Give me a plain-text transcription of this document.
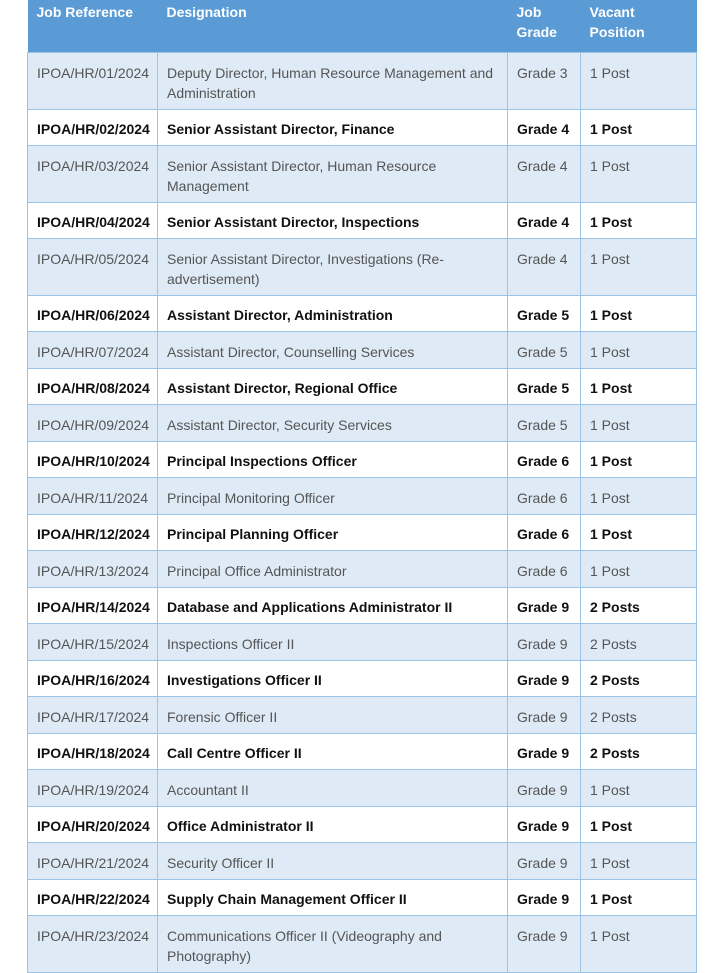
Job Reference	Designation	Job Grade	Vacant Position
IPOA/HR/01/2024	Deputy Director, Human Resource Management and Administration	Grade 3	1 Post
IPOA/HR/02/2024	Senior Assistant Director, Finance	Grade 4	1 Post
IPOA/HR/03/2024	Senior Assistant Director, Human Resource Management	Grade 4	1 Post
IPOA/HR/04/2024	Senior Assistant Director, Inspections	Grade 4	1 Post
IPOA/HR/05/2024	Senior Assistant Director, Investigations (Re-advertisement)	Grade 4	1 Post
IPOA/HR/06/2024	Assistant Director, Administration	Grade 5	1 Post
IPOA/HR/07/2024	Assistant Director, Counselling Services	Grade 5	1 Post
IPOA/HR/08/2024	Assistant Director, Regional Office	Grade 5	1 Post
IPOA/HR/09/2024	Assistant Director, Security Services	Grade 5	1 Post
IPOA/HR/10/2024	Principal Inspections Officer	Grade 6	1 Post
IPOA/HR/11/2024	Principal Monitoring Officer	Grade 6	1 Post
IPOA/HR/12/2024	Principal Planning Officer	Grade 6	1 Post
IPOA/HR/13/2024	Principal Office Administrator	Grade 6	1 Post
IPOA/HR/14/2024	Database and Applications Administrator II	Grade 9	2 Posts
IPOA/HR/15/2024	Inspections Officer II	Grade 9	2 Posts
IPOA/HR/16/2024	Investigations Officer II	Grade 9	2 Posts
IPOA/HR/17/2024	Forensic Officer II	Grade 9	2 Posts
IPOA/HR/18/2024	Call Centre Officer II	Grade 9	2 Posts
IPOA/HR/19/2024	Accountant II	Grade 9	1 Post
IPOA/HR/20/2024	Office Administrator II	Grade 9	1 Post
IPOA/HR/21/2024	Security Officer II	Grade 9	1 Post
IPOA/HR/22/2024	Supply Chain Management Officer II	Grade 9	1 Post
IPOA/HR/23/2024	Communications Officer II (Videography and Photography)	Grade 9	1 Post
